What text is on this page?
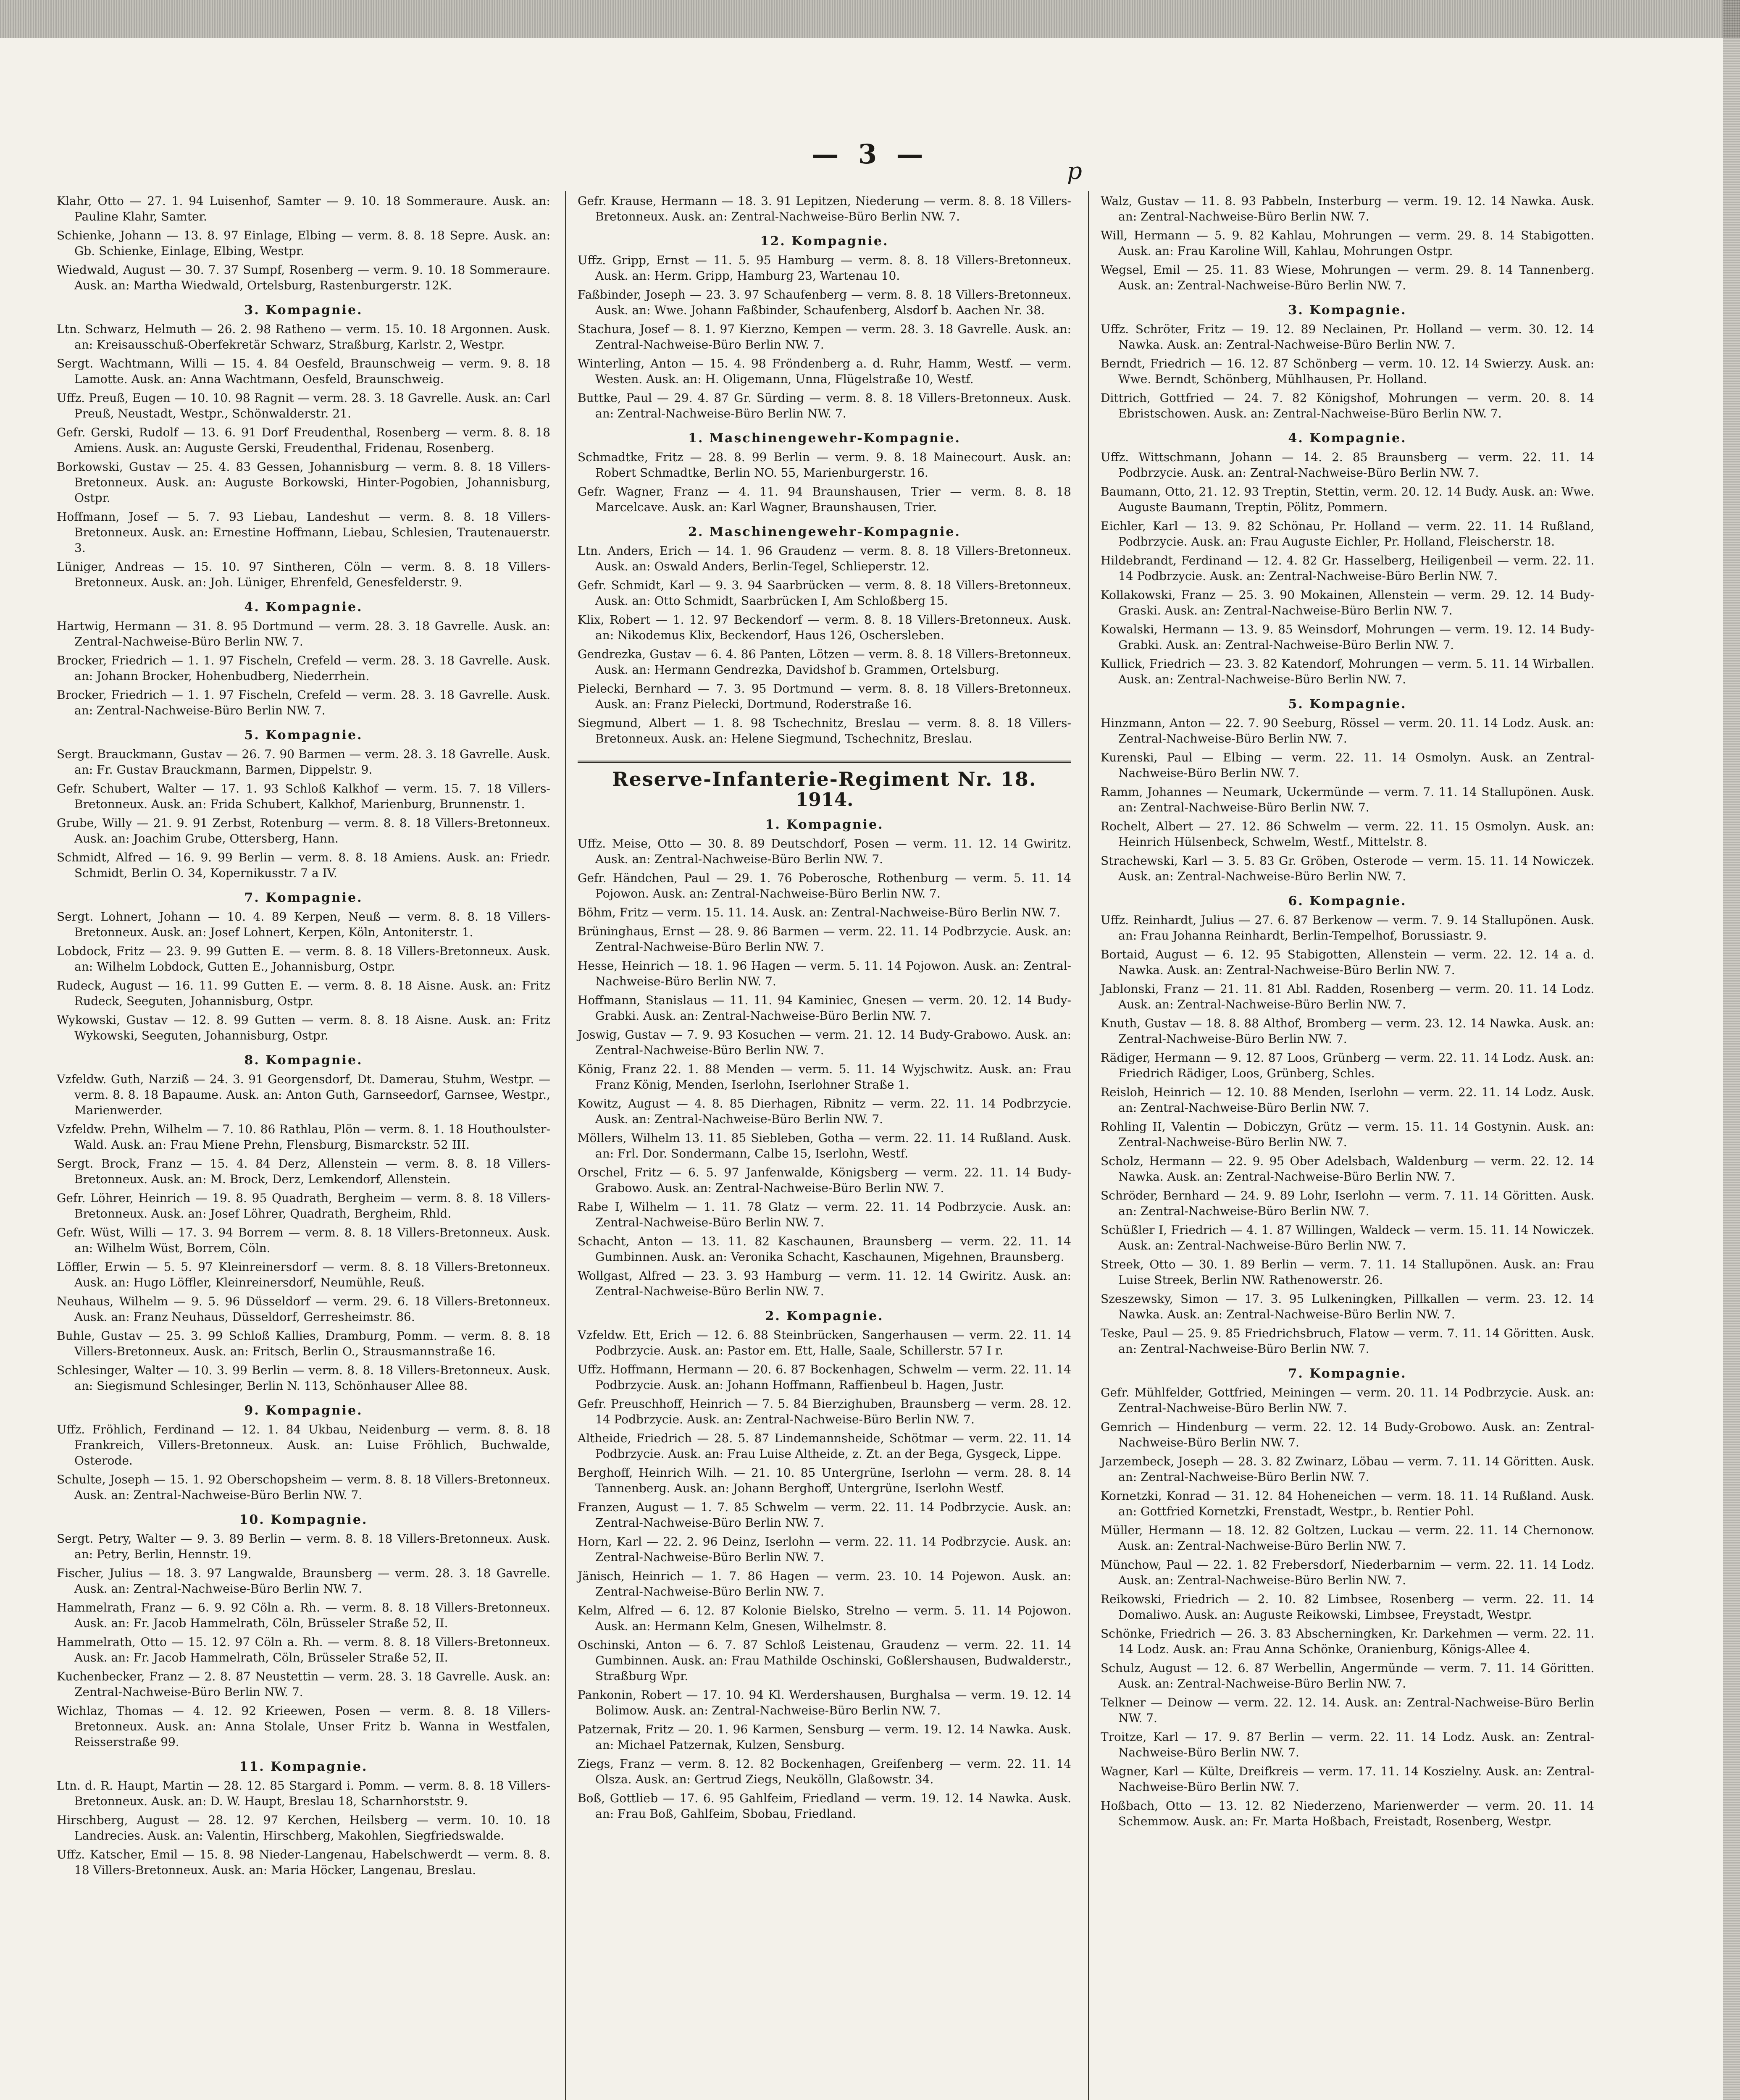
— 3 —
p
Klahr, Otto — 27. 1. 94 Luisenhof, Samter — 9. 10. 18 Sommeraure. Ausk. an: Pauline Klahr, Samter.
Schienke, Johann — 13. 8. 97 Einlage, Elbing — verm. 8. 8. 18 Sepre. Ausk. an: Gb. Schienke, Einlage, Elbing, Westpr.
Wiedwald, August — 30. 7. 37 Sumpf, Rosenberg — verm. 9. 10. 18 Sommeraure. Ausk. an: Martha Wiedwald, Ortelsburg, Rastenburgerstr. 12K.
3. Kompagnie.
Ltn. Schwarz, Helmuth — 26. 2. 98 Ratheno — verm. 15. 10. 18 Argonnen. Ausk. an: Kreisausschuß-Oberfekretär Schwarz, Straßburg, Karlstr. 2, Westpr.
Sergt. Wachtmann, Willi — 15. 4. 84 Oesfeld, Braunschweig — verm. 9. 8. 18 Lamotte. Ausk. an: Anna Wachtmann, Oesfeld, Braunschweig.
Uffz. Preuß, Eugen — 10. 10. 98 Ragnit — verm. 28. 3. 18 Gavrelle. Ausk. an: Carl Preuß, Neustadt, Westpr., Schönwalderstr. 21.
Gefr. Gerski, Rudolf — 13. 6. 91 Dorf Freudenthal, Rosenberg — verm. 8. 8. 18 Amiens. Ausk. an: Auguste Gerski, Freudenthal, Fridenau, Rosenberg.
Borkowski, Gustav — 25. 4. 83 Gessen, Johannisburg — verm. 8. 8. 18 Villers-Bretonneux. Ausk. an: Auguste Borkowski, Hinter-Pogobien, Johannisburg, Ostpr.
Hoffmann, Josef — 5. 7. 93 Liebau, Landeshut — verm. 8. 8. 18 Villers-Bretonneux. Ausk. an: Ernestine Hoffmann, Liebau, Schlesien, Trautenauerstr. 3.
Lüniger, Andreas — 15. 10. 97 Sintheren, Cöln — verm. 8. 8. 18 Villers-Bretonneux. Ausk. an: Joh. Lüniger, Ehrenfeld, Genesfelderstr. 9.
4. Kompagnie.
Hartwig, Hermann — 31. 8. 95 Dortmund — verm. 28. 3. 18 Gavrelle. Ausk. an: Zentral-Nachweise-Büro Berlin NW. 7.
Brocker, Friedrich — 1. 1. 97 Fischeln, Crefeld — verm. 28. 3. 18 Gavrelle. Ausk. an: Johann Brocker, Hohenbudberg, Niederrhein.
Brocker, Friedrich — 1. 1. 97 Fischeln, Crefeld — verm. 28. 3. 18 Gavrelle. Ausk. an: Zentral-Nachweise-Büro Berlin NW. 7.
5. Kompagnie.
Sergt. Brauckmann, Gustav — 26. 7. 90 Barmen — verm. 28. 3. 18 Gavrelle. Ausk. an: Fr. Gustav Brauckmann, Barmen, Dippelstr. 9.
Gefr. Schubert, Walter — 17. 1. 93 Schloß Kalkhof — verm. 15. 7. 18 Villers-Bretonneux. Ausk. an: Frida Schubert, Kalkhof, Marienburg, Brunnenstr. 1.
Grube, Willy — 21. 9. 91 Zerbst, Rotenburg — verm. 8. 8. 18 Villers-Bretonneux. Ausk. an: Joachim Grube, Ottersberg, Hann.
Schmidt, Alfred — 16. 9. 99 Berlin — verm. 8. 8. 18 Amiens. Ausk. an: Friedr. Schmidt, Berlin O. 34, Kopernikusstr. 7 a IV.
7. Kompagnie.
Sergt. Lohnert, Johann — 10. 4. 89 Kerpen, Neuß — verm. 8. 8. 18 Villers-Bretonneux. Ausk. an: Josef Lohnert, Kerpen, Köln, Antoniterstr. 1.
Lobdock, Fritz — 23. 9. 99 Gutten E. — verm. 8. 8. 18 Villers-Bretonneux. Ausk. an: Wilhelm Lobdock, Gutten E., Johannisburg, Ostpr.
Rudeck, August — 16. 11. 99 Gutten E. — verm. 8. 8. 18 Aisne. Ausk. an: Fritz Rudeck, Seeguten, Johannisburg, Ostpr.
Wykowski, Gustav — 12. 8. 99 Gutten — verm. 8. 8. 18 Aisne. Ausk. an: Fritz Wykowski, Seeguten, Johannisburg, Ostpr.
8. Kompagnie.
Vzfeldw. Guth, Narziß — 24. 3. 91 Georgensdorf, Dt. Damerau, Stuhm, Westpr. — verm. 8. 8. 18 Bapaume. Ausk. an: Anton Guth, Garnseedorf, Garnsee, Westpr., Marienwerder.
Vzfeldw. Prehn, Wilhelm — 7. 10. 86 Rathlau, Plön — verm. 8. 1. 18 Houthoulster-Wald. Ausk. an: Frau Miene Prehn, Flensburg, Bismarckstr. 52 III.
Sergt. Brock, Franz — 15. 4. 84 Derz, Allenstein — verm. 8. 8. 18 Villers-Bretonneux. Ausk. an: M. Brock, Derz, Lemkendorf, Allenstein.
Gefr. Löhrer, Heinrich — 19. 8. 95 Quadrath, Bergheim — verm. 8. 8. 18 Villers-Bretonneux. Ausk. an: Josef Löhrer, Quadrath, Bergheim, Rhld.
Gefr. Wüst, Willi — 17. 3. 94 Borrem — verm. 8. 8. 18 Villers-Bretonneux. Ausk. an: Wilhelm Wüst, Borrem, Cöln.
Löffler, Erwin — 5. 5. 97 Kleinreinersdorf — verm. 8. 8. 18 Villers-Bretonneux. Ausk. an: Hugo Löffler, Kleinreinersdorf, Neumühle, Reuß.
Neuhaus, Wilhelm — 9. 5. 96 Düsseldorf — verm. 29. 6. 18 Villers-Bretonneux. Ausk. an: Franz Neuhaus, Düsseldorf, Gerresheimstr. 86.
Buhle, Gustav — 25. 3. 99 Schloß Kallies, Dramburg, Pomm. — verm. 8. 8. 18 Villers-Bretonneux. Ausk. an: Fritsch, Berlin O., Strausmannstraße 16.
Schlesinger, Walter — 10. 3. 99 Berlin — verm. 8. 8. 18 Villers-Bretonneux. Ausk. an: Siegismund Schlesinger, Berlin N. 113, Schönhauser Allee 88.
9. Kompagnie.
Uffz. Fröhlich, Ferdinand — 12. 1. 84 Ukbau, Neidenburg — verm. 8. 8. 18 Frankreich, Villers-Bretonneux. Ausk. an: Luise Fröhlich, Buchwalde, Osterode.
Schulte, Joseph — 15. 1. 92 Oberschopsheim — verm. 8. 8. 18 Villers-Bretonneux. Ausk. an: Zentral-Nachweise-Büro Berlin NW. 7.
10. Kompagnie.
Sergt. Petry, Walter — 9. 3. 89 Berlin — verm. 8. 8. 18 Villers-Bretonneux. Ausk. an: Petry, Berlin, Hennstr. 19.
Fischer, Julius — 18. 3. 97 Langwalde, Braunsberg — verm. 28. 3. 18 Gavrelle. Ausk. an: Zentral-Nachweise-Büro Berlin NW. 7.
Hammelrath, Franz — 6. 9. 92 Cöln a. Rh. — verm. 8. 8. 18 Villers-Bretonneux. Ausk. an: Fr. Jacob Hammelrath, Cöln, Brüsseler Straße 52, II.
Hammelrath, Otto — 15. 12. 97 Cöln a. Rh. — verm. 8. 8. 18 Villers-Bretonneux. Ausk. an: Fr. Jacob Hammelrath, Cöln, Brüsseler Straße 52, II.
Kuchenbecker, Franz — 2. 8. 87 Neustettin — verm. 28. 3. 18 Gavrelle. Ausk. an: Zentral-Nachweise-Büro Berlin NW. 7.
Wichlaz, Thomas — 4. 12. 92 Krieewen, Posen — verm. 8. 8. 18 Villers-Bretonneux. Ausk. an: Anna Stolale, Unser Fritz b. Wanna in Westfalen, Reisserstraße 99.
11. Kompagnie.
Ltn. d. R. Haupt, Martin — 28. 12. 85 Stargard i. Pomm. — verm. 8. 8. 18 Villers-Bretonneux. Ausk. an: D. W. Haupt, Breslau 18, Scharnhorststr. 9.
Hirschberg, August — 28. 12. 97 Kerchen, Heilsberg — verm. 10. 10. 18 Landrecies. Ausk. an: Valentin, Hirschberg, Makohlen, Siegfriedswalde.
Uffz. Katscher, Emil — 15. 8. 98 Nieder-Langenau, Habelschwerdt — verm. 8. 8. 18 Villers-Bretonneux. Ausk. an: Maria Höcker, Langenau, Breslau.
Gefr. Krause, Hermann — 18. 3. 91 Lepitzen, Niederung — verm. 8. 8. 18 Villers-Bretonneux. Ausk. an: Zentral-Nachweise-Büro Berlin NW. 7.
12. Kompagnie.
Uffz. Gripp, Ernst — 11. 5. 95 Hamburg — verm. 8. 8. 18 Villers-Bretonneux. Ausk. an: Herm. Gripp, Hamburg 23, Wartenau 10.
Faßbinder, Joseph — 23. 3. 97 Schaufenberg — verm. 8. 8. 18 Villers-Bretonneux. Ausk. an: Wwe. Johann Faßbinder, Schaufenberg, Alsdorf b. Aachen Nr. 38.
Stachura, Josef — 8. 1. 97 Kierzno, Kempen — verm. 28. 3. 18 Gavrelle. Ausk. an: Zentral-Nachweise-Büro Berlin NW. 7.
Winterling, Anton — 15. 4. 98 Fröndenberg a. d. Ruhr, Hamm, Westf. — verm. Westen. Ausk. an: H. Oligemann, Unna, Flügelstraße 10, Westf.
Buttke, Paul — 29. 4. 87 Gr. Sürding — verm. 8. 8. 18 Villers-Bretonneux. Ausk. an: Zentral-Nachweise-Büro Berlin NW. 7.
1. Maschinengewehr-Kompagnie.
Schmadtke, Fritz — 28. 8. 99 Berlin — verm. 9. 8. 18 Mainecourt. Ausk. an: Robert Schmadtke, Berlin NO. 55, Marienburgerstr. 16.
Gefr. Wagner, Franz — 4. 11. 94 Braunshausen, Trier — verm. 8. 8. 18 Marcelcave. Ausk. an: Karl Wagner, Braunshausen, Trier.
2. Maschinengewehr-Kompagnie.
Ltn. Anders, Erich — 14. 1. 96 Graudenz — verm. 8. 8. 18 Villers-Bretonneux. Ausk. an: Oswald Anders, Berlin-Tegel, Schlieperstr. 12.
Gefr. Schmidt, Karl — 9. 3. 94 Saarbrücken — verm. 8. 8. 18 Villers-Bretonneux. Ausk. an: Otto Schmidt, Saarbrücken I, Am Schloßberg 15.
Klix, Robert — 1. 12. 97 Beckendorf — verm. 8. 8. 18 Villers-Bretonneux. Ausk. an: Nikodemus Klix, Beckendorf, Haus 126, Oschersleben.
Gendrezka, Gustav — 6. 4. 86 Panten, Lötzen — verm. 8. 8. 18 Villers-Bretonneux. Ausk. an: Hermann Gendrezka, Davidshof b. Grammen, Ortelsburg.
Pielecki, Bernhard — 7. 3. 95 Dortmund — verm. 8. 8. 18 Villers-Bretonneux. Ausk. an: Franz Pielecki, Dortmund, Roderstraße 16.
Siegmund, Albert — 1. 8. 98 Tschechnitz, Breslau — verm. 8. 8. 18 Villers-Bretonneux. Ausk. an: Helene Siegmund, Tschechnitz, Breslau.
Reserve-Infanterie-Regiment Nr. 18.
1914.
1. Kompagnie.
Uffz. Meise, Otto — 30. 8. 89 Deutschdorf, Posen — verm. 11. 12. 14 Gwiritz. Ausk. an: Zentral-Nachweise-Büro Berlin NW. 7.
Gefr. Händchen, Paul — 29. 1. 76 Poberosche, Rothenburg — verm. 5. 11. 14 Pojowon. Ausk. an: Zentral-Nachweise-Büro Berlin NW. 7.
Böhm, Fritz — verm. 15. 11. 14. Ausk. an: Zentral-Nachweise-Büro Berlin NW. 7.
Brüninghaus, Ernst — 28. 9. 86 Barmen — verm. 22. 11. 14 Podbrzycie. Ausk. an: Zentral-Nachweise-Büro Berlin NW. 7.
Hesse, Heinrich — 18. 1. 96 Hagen — verm. 5. 11. 14 Pojowon. Ausk. an: Zentral-Nachweise-Büro Berlin NW. 7.
Hoffmann, Stanislaus — 11. 11. 94 Kaminiec, Gnesen — verm. 20. 12. 14 Budy-Grabki. Ausk. an: Zentral-Nachweise-Büro Berlin NW. 7.
Joswig, Gustav — 7. 9. 93 Kosuchen — verm. 21. 12. 14 Budy-Grabowo. Ausk. an: Zentral-Nachweise-Büro Berlin NW. 7.
König, Franz 22. 1. 88 Menden — verm. 5. 11. 14 Wyjschwitz. Ausk. an: Frau Franz König, Menden, Iserlohn, Iserlohner Straße 1.
Kowitz, August — 4. 8. 85 Dierhagen, Ribnitz — verm. 22. 11. 14 Podbrzycie. Ausk. an: Zentral-Nachweise-Büro Berlin NW. 7.
Möllers, Wilhelm 13. 11. 85 Siebleben, Gotha — verm. 22. 11. 14 Rußland. Ausk. an: Frl. Dor. Sondermann, Calbe 15, Iserlohn, Westf.
Orschel, Fritz — 6. 5. 97 Janfenwalde, Königsberg — verm. 22. 11. 14 Budy-Grabowo. Ausk. an: Zentral-Nachweise-Büro Berlin NW. 7.
Rabe I, Wilhelm — 1. 11. 78 Glatz — verm. 22. 11. 14 Podbrzycie. Ausk. an: Zentral-Nachweise-Büro Berlin NW. 7.
Schacht, Anton — 13. 11. 82 Kaschaunen, Braunsberg — verm. 22. 11. 14 Gumbinnen. Ausk. an: Veronika Schacht, Kaschaunen, Migehnen, Braunsberg.
Wollgast, Alfred — 23. 3. 93 Hamburg — verm. 11. 12. 14 Gwiritz. Ausk. an: Zentral-Nachweise-Büro Berlin NW. 7.
2. Kompagnie.
Vzfeldw. Ett, Erich — 12. 6. 88 Steinbrücken, Sangerhausen — verm. 22. 11. 14 Podbrzycie. Ausk. an: Pastor em. Ett, Halle, Saale, Schillerstr. 57 I r.
Uffz. Hoffmann, Hermann — 20. 6. 87 Bockenhagen, Schwelm — verm. 22. 11. 14 Podbrzycie. Ausk. an: Johann Hoffmann, Raffienbeul b. Hagen, Justr.
Gefr. Preuschhoff, Heinrich — 7. 5. 84 Bierzighuben, Braunsberg — verm. 28. 12. 14 Podbrzycie. Ausk. an: Zentral-Nachweise-Büro Berlin NW. 7.
Altheide, Friedrich — 28. 5. 87 Lindemannsheide, Schötmar — verm. 22. 11. 14 Podbrzycie. Ausk. an: Frau Luise Altheide, z. Zt. an der Bega, Gysgeck, Lippe.
Berghoff, Heinrich Wilh. — 21. 10. 85 Untergrüne, Iserlohn — verm. 28. 8. 14 Tannenberg. Ausk. an: Johann Berghoff, Untergrüne, Iserlohn Westf.
Franzen, August — 1. 7. 85 Schwelm — verm. 22. 11. 14 Podbrzycie. Ausk. an: Zentral-Nachweise-Büro Berlin NW. 7.
Horn, Karl — 22. 2. 96 Deinz, Iserlohn — verm. 22. 11. 14 Podbrzycie. Ausk. an: Zentral-Nachweise-Büro Berlin NW. 7.
Jänisch, Heinrich — 1. 7. 86 Hagen — verm. 23. 10. 14 Pojewon. Ausk. an: Zentral-Nachweise-Büro Berlin NW. 7.
Kelm, Alfred — 6. 12. 87 Kolonie Bielsko, Strelno — verm. 5. 11. 14 Pojowon. Ausk. an: Hermann Kelm, Gnesen, Wilhelmstr. 8.
Oschinski, Anton — 6. 7. 87 Schloß Leistenau, Graudenz — verm. 22. 11. 14 Gumbinnen. Ausk. an: Frau Mathilde Oschinski, Goßlershausen, Budwalderstr., Straßburg Wpr.
Pankonin, Robert — 17. 10. 94 Kl. Werdershausen, Burghalsa — verm. 19. 12. 14 Bolimow. Ausk. an: Zentral-Nachweise-Büro Berlin NW. 7.
Patzernak, Fritz — 20. 1. 96 Karmen, Sensburg — verm. 19. 12. 14 Nawka. Ausk. an: Michael Patzernak, Kulzen, Sensburg.
Ziegs, Franz — verm. 8. 12. 82 Bockenhagen, Greifenberg — verm. 22. 11. 14 Olsza. Ausk. an: Gertrud Ziegs, Neukölln, Glaßowstr. 34.
Boß, Gottlieb — 17. 6. 95 Gahlfeim, Friedland — verm. 19. 12. 14 Nawka. Ausk. an: Frau Boß, Gahlfeim, Sbobau, Friedland.
Walz, Gustav — 11. 8. 93 Pabbeln, Insterburg — verm. 19. 12. 14 Nawka. Ausk. an: Zentral-Nachweise-Büro Berlin NW. 7.
Will, Hermann — 5. 9. 82 Kahlau, Mohrungen — verm. 29. 8. 14 Stabigotten. Ausk. an: Frau Karoline Will, Kahlau, Mohrungen Ostpr.
Wegsel, Emil — 25. 11. 83 Wiese, Mohrungen — verm. 29. 8. 14 Tannenberg. Ausk. an: Zentral-Nachweise-Büro Berlin NW. 7.
3. Kompagnie.
Uffz. Schröter, Fritz — 19. 12. 89 Neclainen, Pr. Holland — verm. 30. 12. 14 Nawka. Ausk. an: Zentral-Nachweise-Büro Berlin NW. 7.
Berndt, Friedrich — 16. 12. 87 Schönberg — verm. 10. 12. 14 Swierzy. Ausk. an: Wwe. Berndt, Schönberg, Mühlhausen, Pr. Holland.
Dittrich, Gottfried — 24. 7. 82 Königshof, Mohrungen — verm. 20. 8. 14 Ebristschowen. Ausk. an: Zentral-Nachweise-Büro Berlin NW. 7.
4. Kompagnie.
Uffz. Wittschmann, Johann — 14. 2. 85 Braunsberg — verm. 22. 11. 14 Podbrzycie. Ausk. an: Zentral-Nachweise-Büro Berlin NW. 7.
Baumann, Otto, 21. 12. 93 Treptin, Stettin, verm. 20. 12. 14 Budy. Ausk. an: Wwe. Auguste Baumann, Treptin, Pölitz, Pommern.
Eichler, Karl — 13. 9. 82 Schönau, Pr. Holland — verm. 22. 11. 14 Rußland, Podbrzycie. Ausk. an: Frau Auguste Eichler, Pr. Holland, Fleischerstr. 18.
Hildebrandt, Ferdinand — 12. 4. 82 Gr. Hasselberg, Heiligenbeil — verm. 22. 11. 14 Podbrzycie. Ausk. an: Zentral-Nachweise-Büro Berlin NW. 7.
Kollakowski, Franz — 25. 3. 90 Mokainen, Allenstein — verm. 29. 12. 14 Budy-Graski. Ausk. an: Zentral-Nachweise-Büro Berlin NW. 7.
Kowalski, Hermann — 13. 9. 85 Weinsdorf, Mohrungen — verm. 19. 12. 14 Budy-Grabki. Ausk. an: Zentral-Nachweise-Büro Berlin NW. 7.
Kullick, Friedrich — 23. 3. 82 Katendorf, Mohrungen — verm. 5. 11. 14 Wirballen. Ausk. an: Zentral-Nachweise-Büro Berlin NW. 7.
5. Kompagnie.
Hinzmann, Anton — 22. 7. 90 Seeburg, Rössel — verm. 20. 11. 14 Lodz. Ausk. an: Zentral-Nachweise-Büro Berlin NW. 7.
Kurenski, Paul — Elbing — verm. 22. 11. 14 Osmolyn. Ausk. an Zentral-Nachweise-Büro Berlin NW. 7.
Ramm, Johannes — Neumark, Uckermünde — verm. 7. 11. 14 Stallupönen. Ausk. an: Zentral-Nachweise-Büro Berlin NW. 7.
Rochelt, Albert — 27. 12. 86 Schwelm — verm. 22. 11. 15 Osmolyn. Ausk. an: Heinrich Hülsenbeck, Schwelm, Westf., Mittelstr. 8.
Strachewski, Karl — 3. 5. 83 Gr. Gröben, Osterode — verm. 15. 11. 14 Nowiczek. Ausk. an: Zentral-Nachweise-Büro Berlin NW. 7.
6. Kompagnie.
Uffz. Reinhardt, Julius — 27. 6. 87 Berkenow — verm. 7. 9. 14 Stallupönen. Ausk. an: Frau Johanna Reinhardt, Berlin-Tempelhof, Borussiastr. 9.
Bortaid, August — 6. 12. 95 Stabigotten, Allenstein — verm. 22. 12. 14 a. d. Nawka. Ausk. an: Zentral-Nachweise-Büro Berlin NW. 7.
Jablonski, Franz — 21. 11. 81 Abl. Radden, Rosenberg — verm. 20. 11. 14 Lodz. Ausk. an: Zentral-Nachweise-Büro Berlin NW. 7.
Knuth, Gustav — 18. 8. 88 Althof, Bromberg — verm. 23. 12. 14 Nawka. Ausk. an: Zentral-Nachweise-Büro Berlin NW. 7.
Rädiger, Hermann — 9. 12. 87 Loos, Grünberg — verm. 22. 11. 14 Lodz. Ausk. an: Friedrich Rädiger, Loos, Grünberg, Schles.
Reisloh, Heinrich — 12. 10. 88 Menden, Iserlohn — verm. 22. 11. 14 Lodz. Ausk. an: Zentral-Nachweise-Büro Berlin NW. 7.
Rohling II, Valentin — Dobiczyn, Grütz — verm. 15. 11. 14 Gostynin. Ausk. an: Zentral-Nachweise-Büro Berlin NW. 7.
Scholz, Hermann — 22. 9. 95 Ober Adelsbach, Waldenburg — verm. 22. 12. 14 Nawka. Ausk. an: Zentral-Nachweise-Büro Berlin NW. 7.
Schröder, Bernhard — 24. 9. 89 Lohr, Iserlohn — verm. 7. 11. 14 Göritten. Ausk. an: Zentral-Nachweise-Büro Berlin NW. 7.
Schüßler I, Friedrich — 4. 1. 87 Willingen, Waldeck — verm. 15. 11. 14 Nowiczek. Ausk. an: Zentral-Nachweise-Büro Berlin NW. 7.
Streek, Otto — 30. 1. 89 Berlin — verm. 7. 11. 14 Stallupönen. Ausk. an: Frau Luise Streek, Berlin NW. Rathenowerstr. 26.
Szeszewsky, Simon — 17. 3. 95 Lulkeningken, Pillkallen — verm. 23. 12. 14 Nawka. Ausk. an: Zentral-Nachweise-Büro Berlin NW. 7.
Teske, Paul — 25. 9. 85 Friedrichsbruch, Flatow — verm. 7. 11. 14 Göritten. Ausk. an: Zentral-Nachweise-Büro Berlin NW. 7.
7. Kompagnie.
Gefr. Mühlfelder, Gottfried, Meiningen — verm. 20. 11. 14 Podbrzycie. Ausk. an: Zentral-Nachweise-Büro Berlin NW. 7.
Gemrich — Hindenburg — verm. 22. 12. 14 Budy-Grobowo. Ausk. an: Zentral-Nachweise-Büro Berlin NW. 7.
Jarzembeck, Joseph — 28. 3. 82 Zwinarz, Löbau — verm. 7. 11. 14 Göritten. Ausk. an: Zentral-Nachweise-Büro Berlin NW. 7.
Kornetzki, Konrad — 31. 12. 84 Hoheneichen — verm. 18. 11. 14 Rußland. Ausk. an: Gottfried Kornetzki, Frenstadt, Westpr., b. Rentier Pohl.
Müller, Hermann — 18. 12. 82 Goltzen, Luckau — verm. 22. 11. 14 Chernonow. Ausk. an: Zentral-Nachweise-Büro Berlin NW. 7.
Münchow, Paul — 22. 1. 82 Frebersdorf, Niederbarnim — verm. 22. 11. 14 Lodz. Ausk. an: Zentral-Nachweise-Büro Berlin NW. 7.
Reikowski, Friedrich — 2. 10. 82 Limbsee, Rosenberg — verm. 22. 11. 14 Domaliwo. Ausk. an: Auguste Reikowski, Limbsee, Freystadt, Westpr.
Schönke, Friedrich — 26. 3. 83 Abscherningken, Kr. Darkehmen — verm. 22. 11. 14 Lodz. Ausk. an: Frau Anna Schönke, Oranienburg, Königs-Allee 4.
Schulz, August — 12. 6. 87 Werbellin, Angermünde — verm. 7. 11. 14 Göritten. Ausk. an: Zentral-Nachweise-Büro Berlin NW. 7.
Telkner — Deinow — verm. 22. 12. 14. Ausk. an: Zentral-Nachweise-Büro Berlin NW. 7.
Troitze, Karl — 17. 9. 87 Berlin — verm. 22. 11. 14 Lodz. Ausk. an: Zentral-Nachweise-Büro Berlin NW. 7.
Wagner, Karl — Külte, Dreifkreis — verm. 17. 11. 14 Koszielny. Ausk. an: Zentral-Nachweise-Büro Berlin NW. 7.
Hoßbach, Otto — 13. 12. 82 Niederzeno, Marienwerder — verm. 20. 11. 14 Schemmow. Ausk. an: Fr. Marta Hoßbach, Freistadt, Rosenberg, Westpr.
